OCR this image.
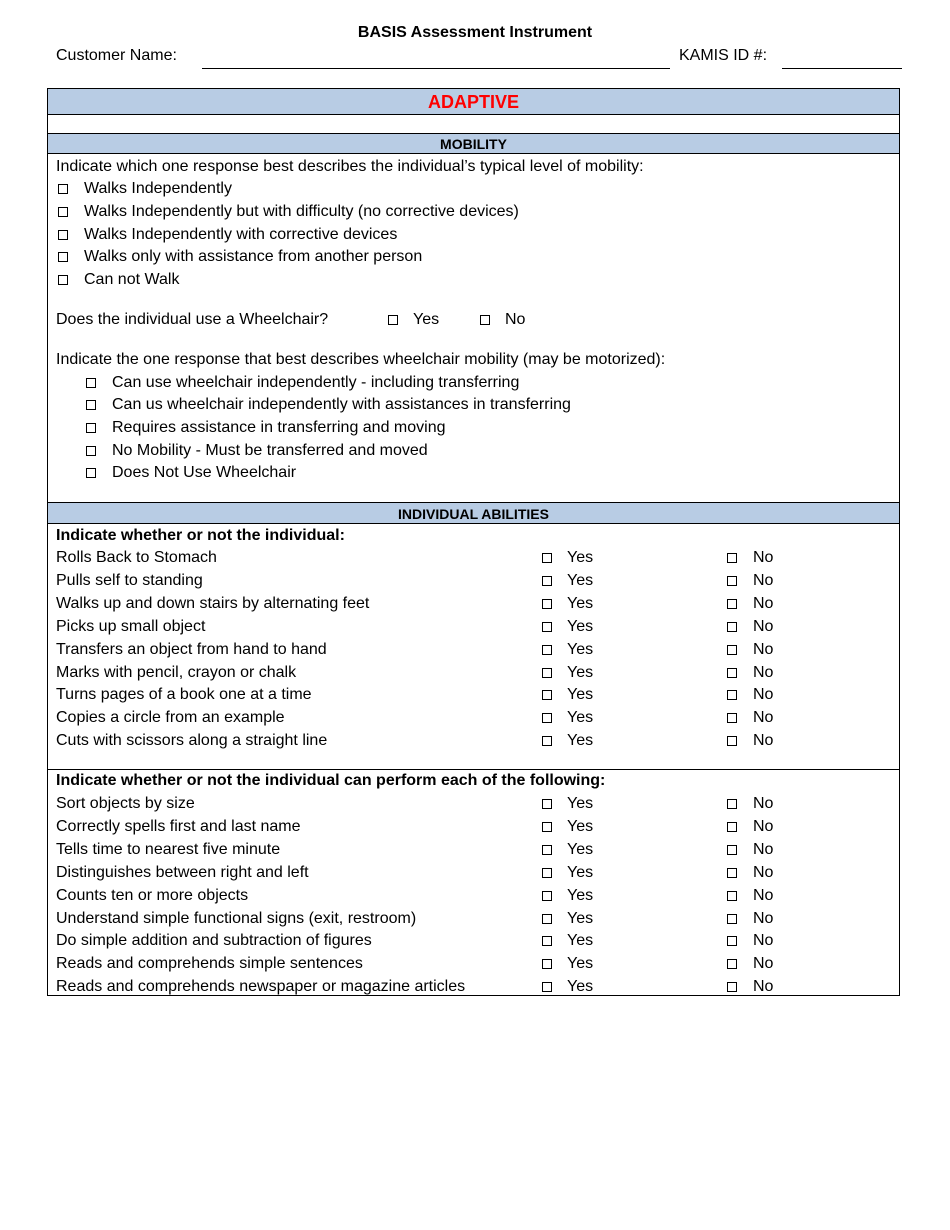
BASIS Assessment Instrument
Customer Name:	KAMIS ID #:
ADAPTIVE
MOBILITY
Indicate which one response best describes the individual’s typical level of mobility:
Walks Independently
Walks Independently but with difficulty (no corrective devices)
Walks Independently with corrective devices
Walks only with assistance from another person
Can not Walk
Does the individual use a Wheelchair?	Yes	No
Indicate the one response that best describes wheelchair mobility (may be motorized):
Can use wheelchair independently - including transferring
Can us wheelchair independently with assistances in transferring
Requires assistance in transferring and moving
No Mobility - Must be transferred and moved
Does Not Use Wheelchair
INDIVIDUAL ABILITIES
Indicate whether or not the individual:
Rolls Back to Stomach	Yes	No
Pulls self to standing	Yes	No
Walks up and down stairs by alternating feet	Yes	No
Picks up small object	Yes	No
Transfers an object from hand to hand	Yes	No
Marks with pencil, crayon or chalk	Yes	No
Turns pages of a book one at a time	Yes	No
Copies a circle from an example	Yes	No
Cuts with scissors along a straight line	Yes	No
Indicate whether or not the individual can perform each of the following:
Sort objects by size	Yes	No
Correctly spells first and last name	Yes	No
Tells time to nearest five minute	Yes	No
Distinguishes between right and left	Yes	No
Counts ten or more objects	Yes	No
Understand simple functional signs (exit, restroom)	Yes	No
Do simple addition and subtraction of figures	Yes	No
Reads and comprehends simple sentences	Yes	No
Reads and comprehends newspaper or magazine articles	Yes	No
